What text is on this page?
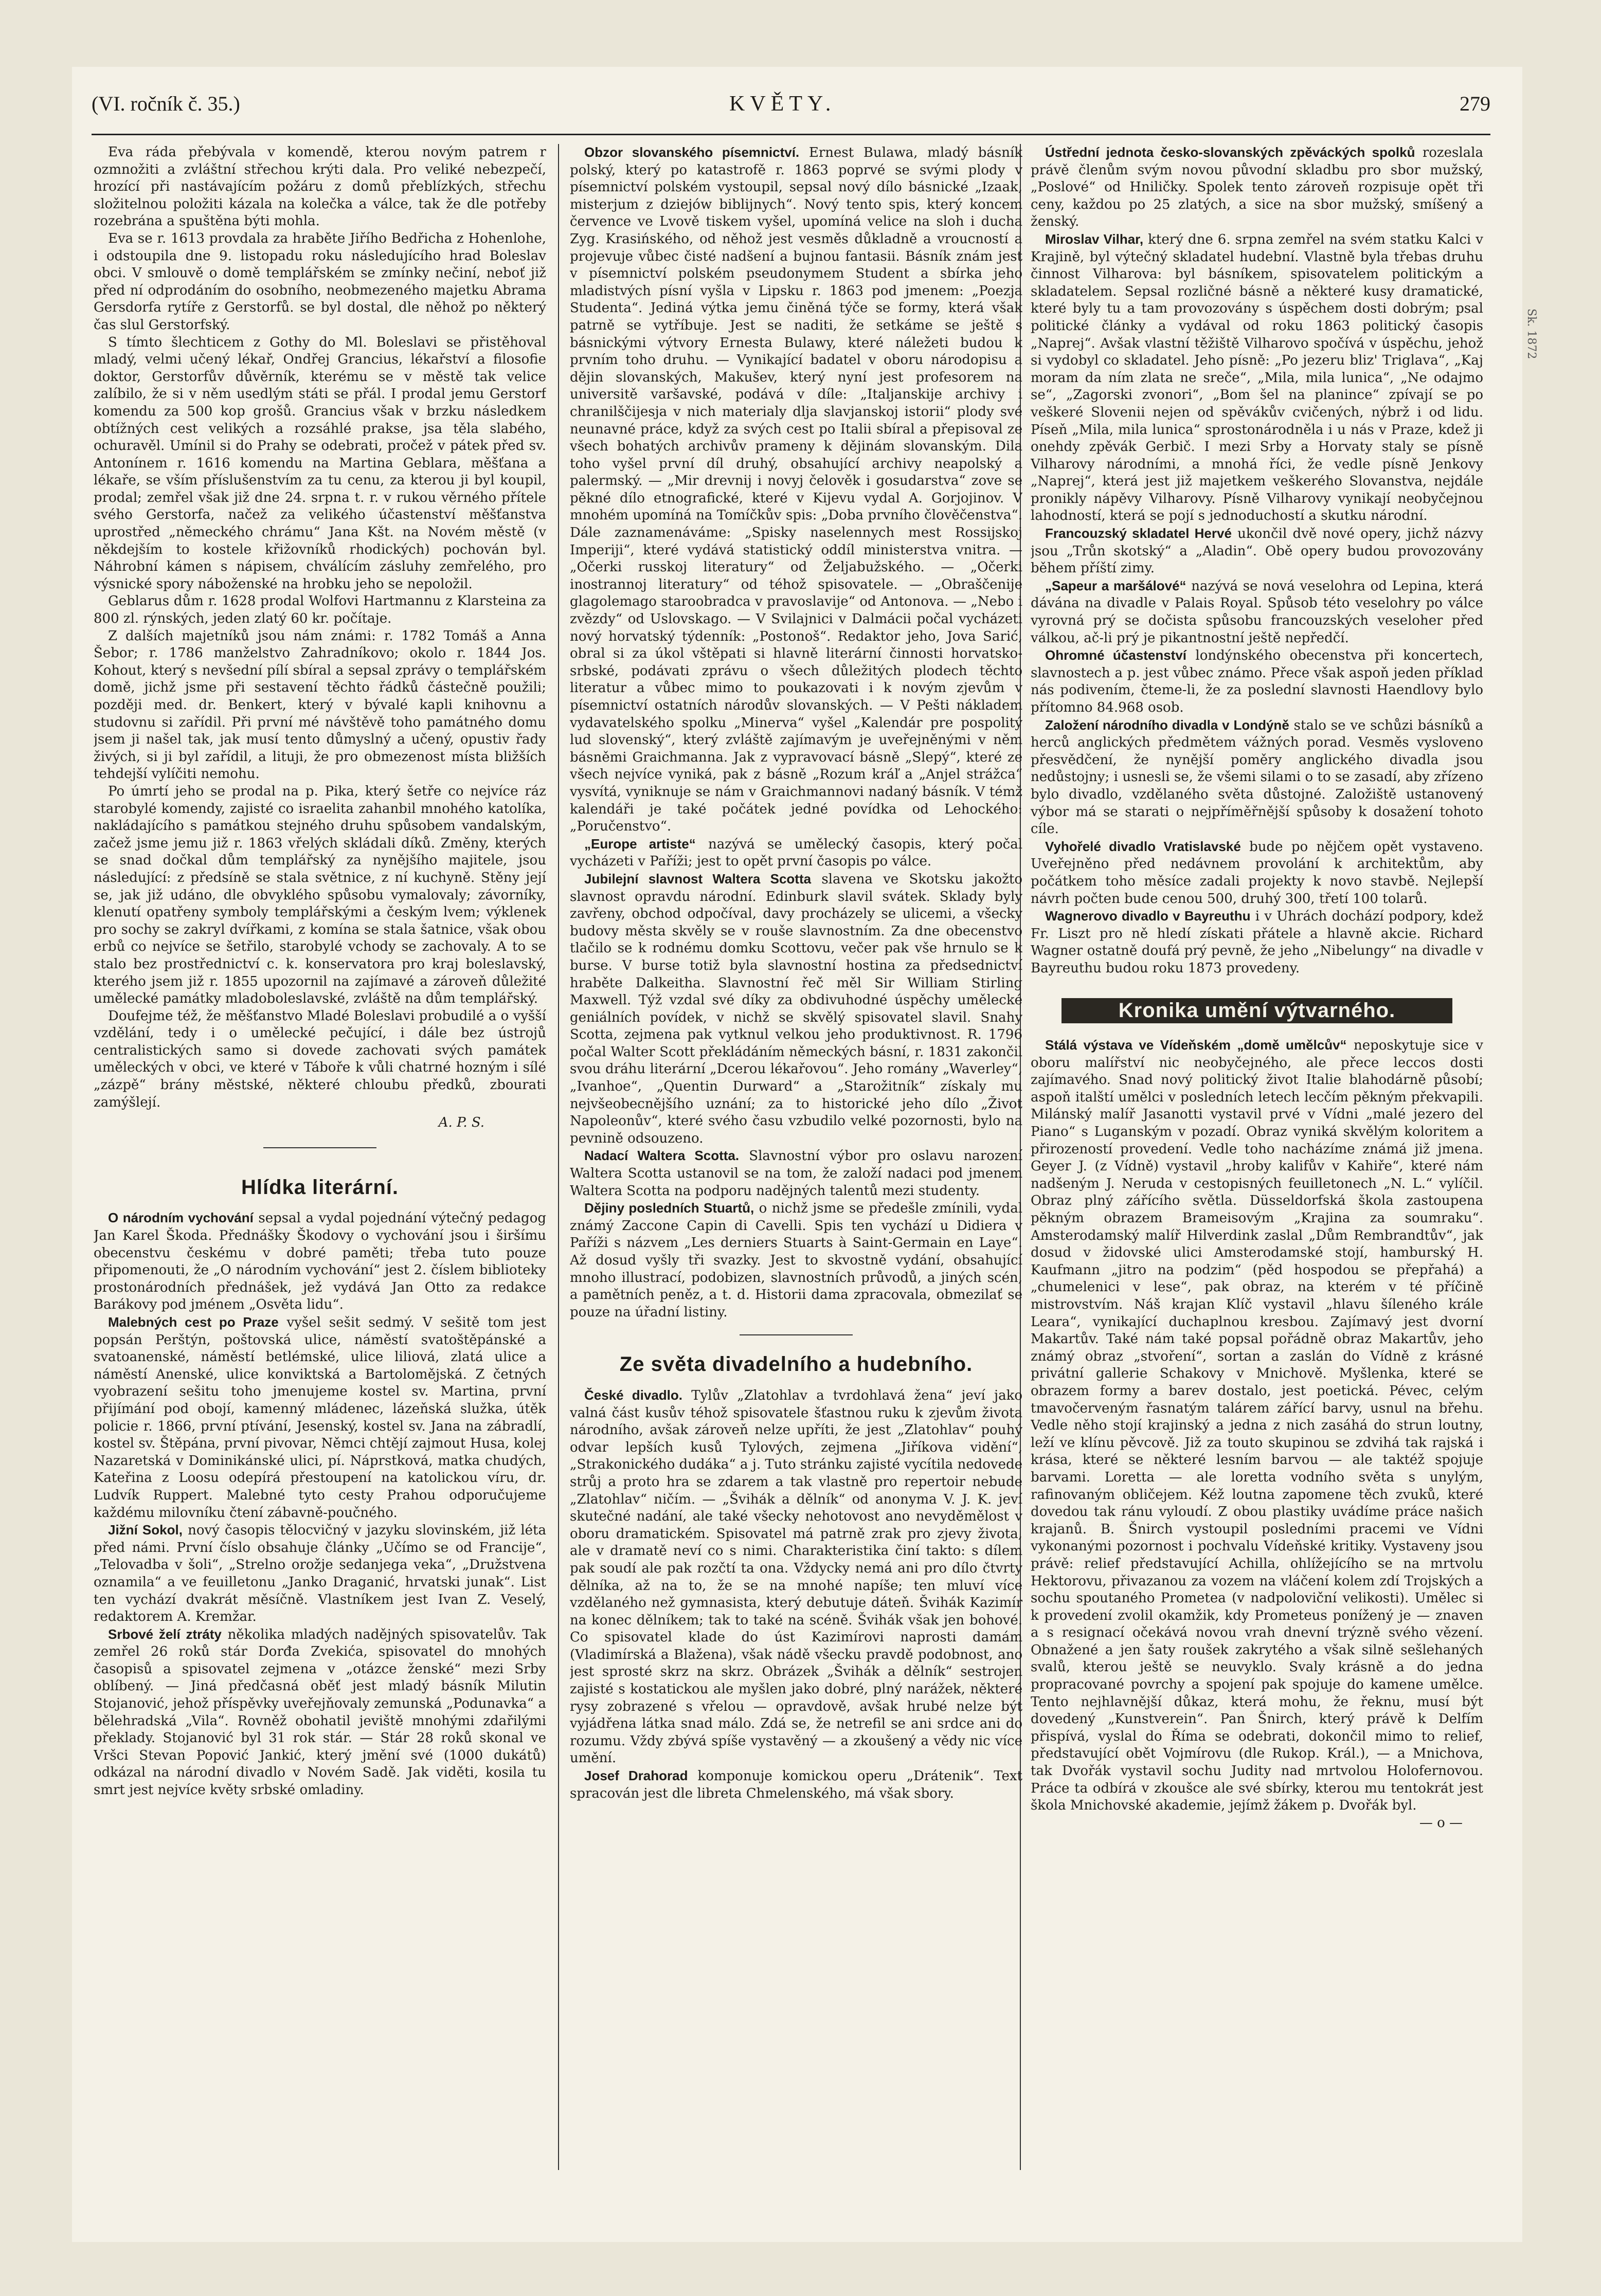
(VI. ročník č. 35.)	KVĚTY.	279

Eva ráda přebývala v komendě, kterou novým patrem r ozmnožiti a zvláštní střechou krýti dala. Pro veliké nebezpečí, hrozící při nastávajícím požáru z domů přeblízkých, střechu složitelnou položiti kázala na kolečka a válce, tak že dle potřeby rozebrána a spuštěna býti mohla.

Eva se r. 1613 provdala za hraběte Jiřího Bedřicha z Hohenlohe, i odstoupila dne 9. listopadu roku následujícího hrad Boleslav obci. V smlouvě o domě templářském se zmínky nečiní, neboť již před ní odprodáním do osobního, neobmezeného majetku Abrama Gersdorfa rytíře z Gerstorfů. se byl dostal, dle něhož po některý čas slul Gerstorfský.

S tímto šlechticem z Gothy do Ml. Boleslavi se přistěhoval mladý, velmi učený lékař, Ondřej Grancius, lékařství a filosofie doktor, Gerstorfův důvěrník, kterému se v městě tak velice zalíbilo, že si v něm usedlým státi se přál. I prodal jemu Gerstorf komendu za 500 kop grošů. Grancius však v brzku následkem obtížných cest velikých a rozsáhlé prakse, jsa těla slabého, ochuravěl. Umínil si do Prahy se odebrati, pročež v pátek před sv. Antonínem r. 1616 komendu na Martina Geblara, měšťana a lékaře, se vším příslušenstvím za tu cenu, za kterou ji byl koupil, prodal; zemřel však již dne 24. srpna t. r. v rukou věrného přítele svého Gerstorfa, načež za velikého účastenství měšťanstva uprostřed „německého chrámu“ Jana Kšt. na Novém městě (v někdejším to kostele křižovníků rhodických) pochován byl. Náhrobní kámen s nápisem, chválícím zásluhy zemřelého, pro výsnické spory náboženské na hrobku jeho se nepoložil.

Geblarus dům r. 1628 prodal Wolfovi Hartmannu z Klarsteina za 800 zl. rýnských, jeden zlatý 60 kr. počítaje.

Z dalších majetníků jsou nám známi: r. 1782 Tomáš a Anna Šebor; r. 1786 manželstvo Zahradníkovo; okolo r. 1844 Jos. Kohout, který s nevšední pílí sbíral a sepsal zprávy o templářském domě, jichž jsme při sestavení těchto řádků částečně použili; později med. dr. Benkert, který v bývalé kapli knihovnu a studovnu si zařídil. Při první mé návštěvě toho památného domu jsem ji našel tak, jak musí tento důmyslný a učený, opustiv řady živých, si ji byl zařídil, a lituji, že pro obmezenost místa bližších tehdejší vylíčiti nemohu.

Po úmrtí jeho se prodal na p. Pika, který šetře co nejvíce ráz starobylé komendy, zajisté co israelita zahanbil mnohého katolíka, nakládajícího s památkou stejného druhu spůsobem vandalským, začež jsme jemu již r. 1863 vřelých skládali díků. Změny, kterých se snad dočkal dům templářský za nynějšího majitele, jsou následující: z předsíně se stala světnice, z ní kuchyně. Stěny její se, jak již udáno, dle obvyklého spůsobu vymalovaly; závorníky, klenutí opatřeny symboly templářskými a českým lvem; výklenek pro sochy se zakryl dvířkami, z komína se stala šatnice, však obou erbů co nejvíce se šetřilo, starobylé vchody se zachovaly. A to se stalo bez prostřednictví c. k. konservatora pro kraj boleslavský, kterého jsem již r. 1855 upozornil na zajímavé a zároveň důležité umělecké památky mladoboleslavské, zvláště na dům templářský.

Doufejme též, že měšťanstvo Mladé Boleslavi probudilé a o vyšší vzdělání, tedy i o umělecké pečující, i dále bez ústrojů centralistických samo si dovede zachovati svých památek uměleckých v obci, ve které v Táboře k vůli chatrné hozným i sílé „zázpě“ brány městské, některé chloubu předků, zbourati zamýšlejí.

A. P. S.

Hlídka literární.

O národním vychování sepsal a vydal pojednání výtečný pedagog Jan Karel Škoda. Přednášky Škodovy o vychování jsou i širšímu obecenstvu českému v dobré paměti; třeba tuto pouze připomenouti, že „O národním vychování“ jest 2. číslem biblioteky prostonárodních přednášek, jež vydává Jan Otto za redakce Barákovy pod jménem „Osvěta lidu“.

Malebných cest po Praze vyšel sešit sedmý. V sešitě tom jest popsán Perštýn, poštovská ulice, náměstí svatoštěpánské a svatoanenské, náměstí betlémské, ulice liliová, zlatá ulice a náměstí Anenské, ulice konviktská a Bartolomějská. Z četných vyobrazení sešitu toho jmenujeme kostel sv. Martina, první přijímání pod obojí, kamenný mládenec, lázeňská služka, útěk policie r. 1866, první ptívání, Jesenský, kostel sv. Jana na zábradlí, kostel sv. Štěpána, první pivovar, Němci chtějí zajmout Husa, kolej Nazaretská v Dominikánské ulici, pí. Náprstková, matka chudých, Kateřina z Loosu odepírá přestoupení na katolickou víru, dr. Ludvík Ruppert. Malebné tyto cesty Prahou odporučujeme každému milovníku čtení zábavně-poučného.

Jižní Sokol, nový časopis tělocvičný v jazyku slovinském, již léta před námi. První číslo obsahuje články „Učímo se od Francije“, „Telovadba v šoli“, „Strelno orožje sedanjega veka“, „Družstvena oznamila“ a ve feuilletonu „Janko Draganić, hrvatski junak“. List ten vychází dvakrát měsíčně. Vlastníkem jest Ivan Z. Veselý, redaktorem A. Kremžar.

Srbové želí ztráty několika mladých nadějných spisovatelův. Tak zemřel 26 roků stár Dorđa Zvekića, spisovatel do mnohých časopisů a spisovatel zejmena v „otázce ženské“ mezi Srby oblíbený. — Jiná předčasná oběť jest mladý básník Milutin Stojanović, jehož příspěvky uveřejňovaly zemunská „Podunavka“ a bělehradská „Vila“. Rovněž obohatil jeviště mnohými zdařilými překlady. Stojanović byl 31 rok stár. — Stár 28 roků skonal ve Vršci Stevan Popović Jankić, který jmění své (1000 dukátů) odkázal na národní divadlo v Novém Sadě. Jak viděti, kosila tu smrt jest nejvíce květy srbské omladiny.

Obzor slovanského písemnictví. Ernest Bulawa, mladý básník polský, který po katastrofě r. 1863 poprvé se svými plody v písemnictví polském vystoupil, sepsal nový dílo básnické „Izaak, misterjum z dziejów biblijnych“. Nový tento spis, který koncem července ve Lvově tiskem vyšel, upomíná velice na sloh i ducha Zyg. Krasińského, od něhož jest vesměs důkladně a vroucností a projevuje vůbec čisté nadšení a bujnou fantasii. Básník znám jest v písemnictví polském pseudonymem Student a sbírka jeho mladistvých písní vyšla v Lipsku r. 1863 pod jmenem: „Poezja Studenta“. Jediná výtka jemu činěná týče se formy, která však patrně se vytříbuje. Jest se naditi, že setkáme se ještě s básnickými výtvory Ernesta Bulawy, které náležeti budou k prvním toho druhu. — Vynikající badatel v oboru národopisu a dějin slovanských, Makušev, který nyní jest profesorem na universitě varšavské, podává v díle: „Italjanskije archivy i chranilščijesja v nich materialy dlja slavjanskoj istorii“ plody své neunavné práce, když za svých cest po Italii sbíral a přepisoval ze všech bohatých archivův prameny k dějinám slovanským. Dila toho vyšel první díl druhý, obsahující archivy neapolský a palermský. — „Mir drevnij i novyj čelověk i gosudarstva“ zove se pěkné dílo etnografické, které v Kijevu vydal A. Gorjojinov. V mnohém upomíná na Tomíčkův spis: „Doba prvního člověčenstva“. Dále zaznamenáváme: „Spisky naselennych mest Rossijskoj Imperiji“, které vydává statistický oddíl ministerstva vnitra. — „Očerki russkoj literatury“ od Željabužského. — „Očerki inostrannoj literatury“ od téhož spisovatele. — „Obraščenije glagolemago staroobradca v pravoslavije“ od Antonova. — „Nebo i zvězdy“ od Uslovskago. — V Svilajnici v Dalmácii počal vycházeti nový horvatský týdenník: „Postonoš“. Redaktor jeho, Jova Sarić, obral si za úkol vštěpati si hlavně literární činnosti horvatsko-srbské, podávati zprávu o všech důležitých plodech těchto literatur a vůbec mimo to poukazovati i k novým zjevům v písemnictví ostatních národův slovanských. — V Pešti nákladem vydavatelského spolku „Minerva“ vyšel „Kalendár pre pospolitý lud slovenský“, který zvláště zajímavým je uveřejněnými v něm básněmi Graichmanna. Jak z vypravovací básně „Slepý“, které ze všech nejvíce vyniká, pak z básně „Rozum kráľ a „Anjel strážca“ vysvítá, vyniknuje se nám v Graichmannovi nadaný básník. V témž kalendáři je také počátek jedné povídka od Lehockého: „Poručenstvo“.

„Europe artiste“ nazývá se umělecký časopis, který počal vycházeti v Paříži; jest to opět první časopis po válce.

Jubilejní slavnost Waltera Scotta slavena ve Skotsku jakožto slavnost opravdu národní. Edinburk slavil svátek. Sklady byly zavřeny, obchod odpočíval, davy procházely se ulicemi, a všecky budovy města skvěly se v rouše slavnostním. Za dne obecenstvo tlačilo se k rodnému domku Scottovu, večer pak vše hrnulo se k burse. V burse totiž byla slavnostní hostina za předsednictví hraběte Dalkeitha. Slavnostní řeč měl Sir William Stirling Maxwell. Týž vzdal své díky za obdivuhodné úspěchy umělecké geniálních povídek, v nichž se skvělý spisovatel slavil. Snahy Scotta, zejmena pak vytknul velkou jeho produktivnost. R. 1796 počal Walter Scott překládáním německých básní, r. 1831 zakončil svou dráhu literární „Dcerou lékařovou“. Jeho romány „Waverley“, „Ivanhoe“, „Quentin Durward“ a „Starožitník“ získaly mu nejvšeobecnějšího uznání; za to historické jeho dílo „Život Napoleonův“, které svého času vzbudilo velké pozornosti, bylo na pevnině odsouzeno.

Nadací Waltera Scotta. Slavnostní výbor pro oslavu narození Waltera Scotta ustanovil se na tom, že založí nadaci pod jmenem Waltera Scotta na podporu nadějných talentů mezi studenty.

Dějiny posledních Stuartů, o nichž jsme se předešle zmínili, vydal známý Zaccone Capin di Cavelli. Spis ten vychází u Didiera v Paříži s názvem „Les derniers Stuarts à Saint-Germain en Laye“. Až dosud vyšly tři svazky. Jest to skvostně vydání, obsahující mnoho illustrací, podobizen, slavnostních průvodů, a jiných scén, a pamětních peněz, a t. d. Historii dama zpracovala, obmezilať se pouze na úřadní listiny.

Ze světa divadelního a hudebního.

České divadlo. Tylův „Zlatohlav a tvrdohlavá žena“ jeví jako valná část kusův téhož spisovatele šťastnou ruku k zjevům života národního, avšak zároveň nelze upříti, že jest „Zlatohlav“ pouhý odvar lepších kusů Tylových, zejmena „Jiříkova vidění“, „Strakonického dudáka“ a j. Tuto stránku zajisté vycítila nedovede strůj a proto hra se zdarem a tak vlastně pro repertoir nebude „Zlatohlav“ ničím. — „Švihák a dělník“ od anonyma V. J. K. jeví skutečné nadání, ale také všecky nehotovost ano nevyděmělost v oboru dramatickém. Spisovatel má patrně zrak pro zjevy života, ale v dramatě neví co s nimi. Charakteristika činí takto: s dílem pak soudí ale pak rozčtí ta ona. Vždycky nemá ani pro dílo čtvrty dělníka, až na to, že se na mnohé napíše; ten mluví více vzdělaného než gymnasista, který debutuje dáteň. Švihák Kazimír na konec dělníkem; tak to také na scéně. Švihák však jen bohové. Co spisovatel klade do úst Kazimírovi naprosti damám (Vladimírská a Blažena), však nádě všecku pravdě podobnost, ano jest sprosté skrz na skrz. Obrázek „Švihák a dělník“ sestrojen zajisté s kostatickou ale myšlen jako dobré, plný narážek, některé rysy zobrazené s vřelou — opravdově, avšak hrubé nelze být vyjádřena látka snad málo. Zdá se, že netrefil se ani srdce ani do rozumu. Vždy zbývá spíše vystavěný — a zkoušený a vědy nic více umění.

Josef Drahorad komponuje komickou operu „Drátenik“. Text spracován jest dle libreta Chmelenského, má však sbory.

Ústřední jednota česko-slovanských zpěváckých spolků rozeslala právě členům svým novou původní skladbu pro sbor mužský, „Poslové“ od Hniličky. Spolek tento zároveň rozpisuje opět tři ceny, každou po 25 zlatých, a sice na sbor mužský, smíšený a ženský.

Miroslav Vilhar, který dne 6. srpna zemřel na svém statku Kalci v Krajině, byl výtečný skladatel hudební. Vlastně byla třebas druhu činnost Vilharova: byl básníkem, spisovatelem politickým a skladatelem. Sepsal rozličné básně a některé kusy dramatické, které byly tu a tam provozovány s úspěchem dosti dobrým; psal politické články a vydával od roku 1863 politický časopis „Naprej“. Avšak vlastní těžiště Vilharovo spočívá v úspěchu, jehož si vydobyl co skladatel. Jeho písně: „Po jezeru bliz' Triglava“, „Kaj moram da ním zlata ne sreče“, „Mila, mila lunica“, „Ne odajmo se“, „Zagorski zvonori“, „Bom šel na planince“ zpívají se po veškeré Slovenii nejen od spěvákův cvičených, nýbrž i od lidu. Píseň „Mila, mila lunica“ sprostonárodněla i u nás v Praze, kdež ji onehdy zpěvák Gerbič. I mezi Srby a Horvaty staly se písně Vilharovy národními, a mnohá říci, že vedle písně Jenkovy „Naprej“, která jest již majetkem veškerého Slovanstva, nejdále pronikly nápěvy Vilharovy. Písně Vilharovy vynikají neobyčejnou lahodností, která se pojí s jednoduchostí a skutku národní.

Francouzský skladatel Hervé ukončil dvě nové opery, jichž názvy jsou „Trůn skotský“ a „Aladin“. Obě opery budou provozovány během příští zimy.

„Sapeur a maršálové“ nazývá se nová veselohra od Lepina, která dávána na divadle v Palais Royal. Spůsob této veselohry po válce vyrovná prý se dočista spůsobu francouzských veseloher před válkou, ač-li prý je pikantnostní ještě nepředčí.

Ohromné účastenství londýnského obecenstva při koncertech, slavnostech a p. jest vůbec známo. Přece však aspoň jeden příklad nás podivením, čteme-li, že za poslední slavnosti Haendlovy bylo přítomno 84.968 osob.

Založení národního divadla v Londýně stalo se ve schůzi básníků a herců anglických předmětem vážných porad. Vesměs vysloveno přesvědčení, že nynější poměry anglického divadla jsou nedůstojny; i usnesli se, že všemi silami o to se zasadí, aby zřízeno bylo divadlo, vzdělaného světa důstojné. Založiště ustanovený výbor má se starati o nejpříměřnější spůsoby k dosažení tohoto cíle.

Vyhořelé divadlo Vratislavské bude po nějčem opět vystaveno. Uveřejněno před nedávnem provolání k architektům, aby počátkem toho měsíce zadali projekty k novo stavbě. Nejlepší návrh počten bude cenou 500, druhý 300, třetí 100 tolarů.

Wagnerovo divadlo v Bayreuthu i v Uhrách dochází podpory, kdež Fr. Liszt pro ně hledí získati přátele a hlavně akcie. Richard Wagner ostatně doufá prý pevně, že jeho „Nibelungy“ na divadle v Bayreuthu budou roku 1873 provedeny.

Kronika umění výtvarného.

Stálá výstava ve Vídeňském „domě umělcův“ neposkytuje sice v oboru malířství nic neobyčejného, ale přece leccos dosti zajímavého. Snad nový politický život Italie blahodárně působí; aspoň italští umělci v posledních letech lecčím pěkným překvapili. Milánský malíř Jasanotti vystavil prvé v Vídni „malé jezero del Piano“ s Luganským v pozadí. Obraz vyniká skvělým koloritem a přirozeností provedení. Vedle toho nacházíme známá již jmena. Geyer J. (z Vídně) vystavil „hroby kalifův v Kahiře“, které nám nadšeným J. Neruda v cestopisných feuilletonech „N. L.“ vylíčil. Obraz plný zářícího světla. Düsseldorfská škola zastoupena pěkným obrazem Brameisovým „Krajina za soumraku“. Amsterodamský malíř Hilverdink zaslal „Dům Rembrandtův“, jak dosud v židovské ulici Amsterodamské stojí, hamburský H. Kaufmann „jitro na podzim“ (pěd hospodou se přepřahá) a „chumelenici v lese“, pak obraz, na kterém v té příčině mistrovstvím. Náš krajan Klíč vystavil „hlavu šíleného krále Leara“, vynikající duchaplnou kresbou. Zajímavý jest dvorní Makartův. Také nám také popsal pořádně obraz Makartův, jeho známý obraz „stvoření“, sortan a zaslán do Vídně z krásné privátní gallerie Schakovy v Mnichově. Myšlenka, které se obrazem formy a barev dostalo, jest poetická. Pévec, celým tmavočerveným řasnatým talárem zářící barvy, usnul na břehu. Vedle něho stojí krajinský a jedna z nich zasáhá do strun loutny, leží ve klínu pěvcově. Již za touto skupinou se zdvihá tak rajská i krása, které se některé lesním barvou — ale taktéž spojuje barvami. Loretta — ale loretta vodního světa s unylým, rafinovaným obličejem. Kéž loutna zapomene těch zvuků, které dovedou tak ránu vyloudí. Z obou plastiky uvádíme práce našich krajanů. B. Šnirch vystoupil posledními pracemi ve Vídni vykonanými pozornost i pochvalu Vídeňské kritiky. Vystaveny jsou právě: relief představující Achilla, ohlížejícího se na mrtvolu Hektorovu, přivazanou za vozem na vláčení kolem zdí Trojských a sochu spoutaného Prometea (v nadpoloviční velikosti). Umělec si k provedení zvolil okamžik, kdy Prometeus ponížený je — znaven a s resignací očekává novou vrah dnevní trýzně svého vězení. Obnažené a jen šaty roušek zakrytého a však silně sešlehaných svalů, kterou ještě se neuvyklo. Svaly krásně a do jedna propracované povrchy a spojení pak spojuje do kamene umělce. Tento nejhlavnější důkaz, která mohu, že řeknu, musí být dovedený „Kunstverein“. Pan Šnirch, který právě k Delfím přispívá, vyslal do Říma se odebrati, dokončil mimo to relief, představující obět Vojmírovu (dle Rukop. Král.), — a Mnichova, tak Dvořák vystavil sochu Judity nad mrtvolou Holofernovou. Práce ta odbírá v zkoušce ale své sbírky, kterou mu tentokrát jest škola Mnichovské akademie, jejímž žákem p. Dvořák byl.

— o —

Sk. 1872
